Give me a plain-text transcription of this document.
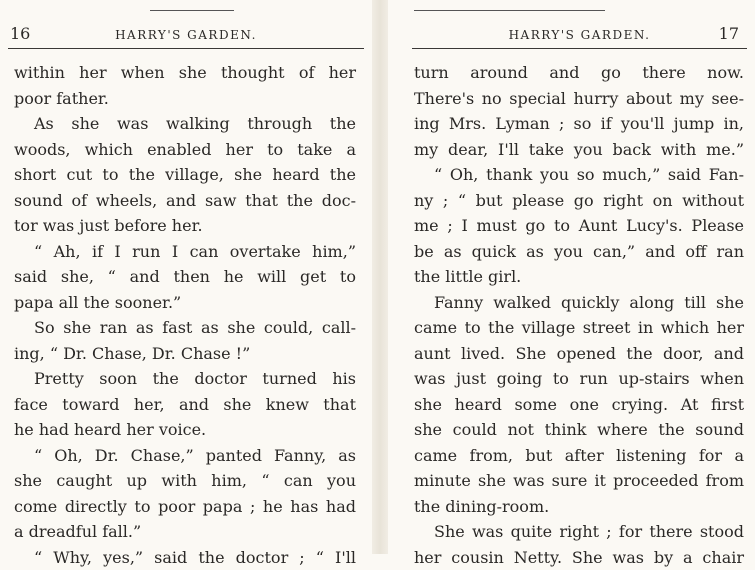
16	HARRY'S GARDEN.
within her when she thought of her
poor father.
As she was walking through the
woods, which enabled her to take a
short cut to the village, she heard the
sound of wheels, and saw that the doc-
tor was just before her.
“ Ah, if I run I can overtake him,”
said she, “ and then he will get to
papa all the sooner.”
So she ran as fast as she could, call-
ing, “ Dr. Chase, Dr. Chase !”
Pretty soon the doctor turned his
face toward her, and she knew that
he had heard her voice.
“ Oh, Dr. Chase,” panted Fanny, as
she caught up with him, “ can you
come directly to poor papa ; he has had
a dreadful fall.”
“ Why, yes,” said the doctor ; “ I'll
HARRY'S GARDEN.	17
turn around and go there now.
There's no special hurry about my see-
ing Mrs. Lyman ; so if you'll jump in,
my dear, I'll take you back with me.”
“ Oh, thank you so much,” said Fan-
ny ; “ but please go right on without
me ; I must go to Aunt Lucy's. Please
be as quick as you can,” and off ran
the little girl.
Fanny walked quickly along till she
came to the village street in which her
aunt lived. She opened the door, and
was just going to run up-stairs when
she heard some one crying. At first
she could not think where the sound
came from, but after listening for a
minute she was sure it proceeded from
the dining-room.
She was quite right ; for there stood
her cousin Netty. She was by a chair
